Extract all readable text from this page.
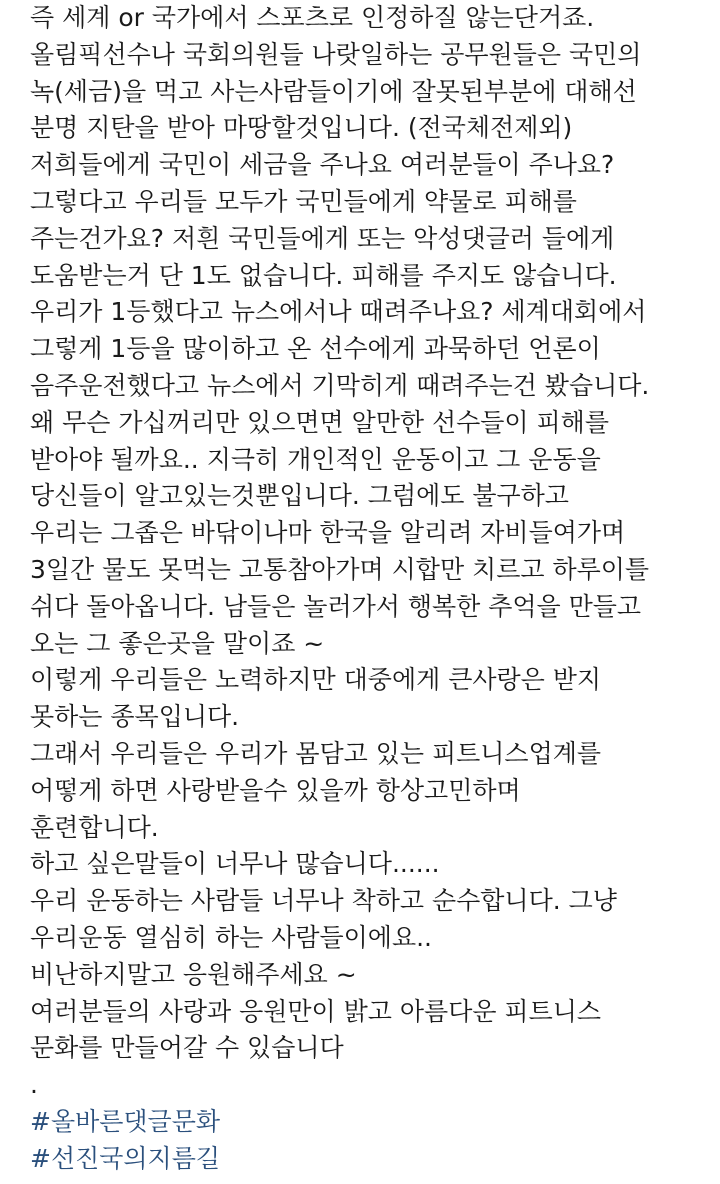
즉 세계 or 국가에서 스포츠로 인정하질 않는단거죠.
올림픽선수나 국회의원들 나랏일하는 공무원들은 국민의
녹(세금)을 먹고 사는사람들이기에 잘못된부분에 대해선
분명 지탄을 받아 마땅할것입니다. (전국체전제외)
저희들에게 국민이 세금을 주나요 여러분들이 주나요?
그렇다고 우리들 모두가 국민들에게 약물로 피해를
주는건가요? 저흰 국민들에게 또는 악성댓글러 들에게
도움받는거 단 1도 없습니다. 피해를 주지도 않습니다.
우리가 1등했다고 뉴스에서나 때려주나요? 세계대회에서
그렇게 1등을 많이하고 온 선수에게 과묵하던 언론이
음주운전했다고 뉴스에서 기막히게 때려주는건 봤습니다.
왜 무슨 가십꺼리만 있으면면 알만한 선수들이 피해를
받아야 될까요.. 지극히 개인적인 운동이고 그 운동을
당신들이 알고있는것뿐입니다. 그럼에도 불구하고
우리는 그좁은 바닦이나마 한국을 알리려 자비들여가며
3일간 물도 못먹는 고통참아가며 시합만 치르고 하루이틀
쉬다 돌아옵니다. 남들은 놀러가서 행복한 추억을 만들고
오는 그 좋은곳을 말이죠 ~
이렇게 우리들은 노력하지만 대중에게 큰사랑은 받지
못하는 종목입니다.
그래서 우리들은 우리가 몸담고 있는 피트니스업계를
어떻게 하면 사랑받을수 있을까 항상고민하며
훈련합니다.
하고 싶은말들이 너무나 많습니다......
우리 운동하는 사람들 너무나 착하고 순수합니다. 그냥
우리운동 열심히 하는 사람들이에요..
비난하지말고 응원해주세요 ~
여러분들의 사랑과 응원만이 밝고 아름다운 피트니스
문화를 만들어갈 수 있습니다
.
#올바른댓글문화
#선진국의지름길
